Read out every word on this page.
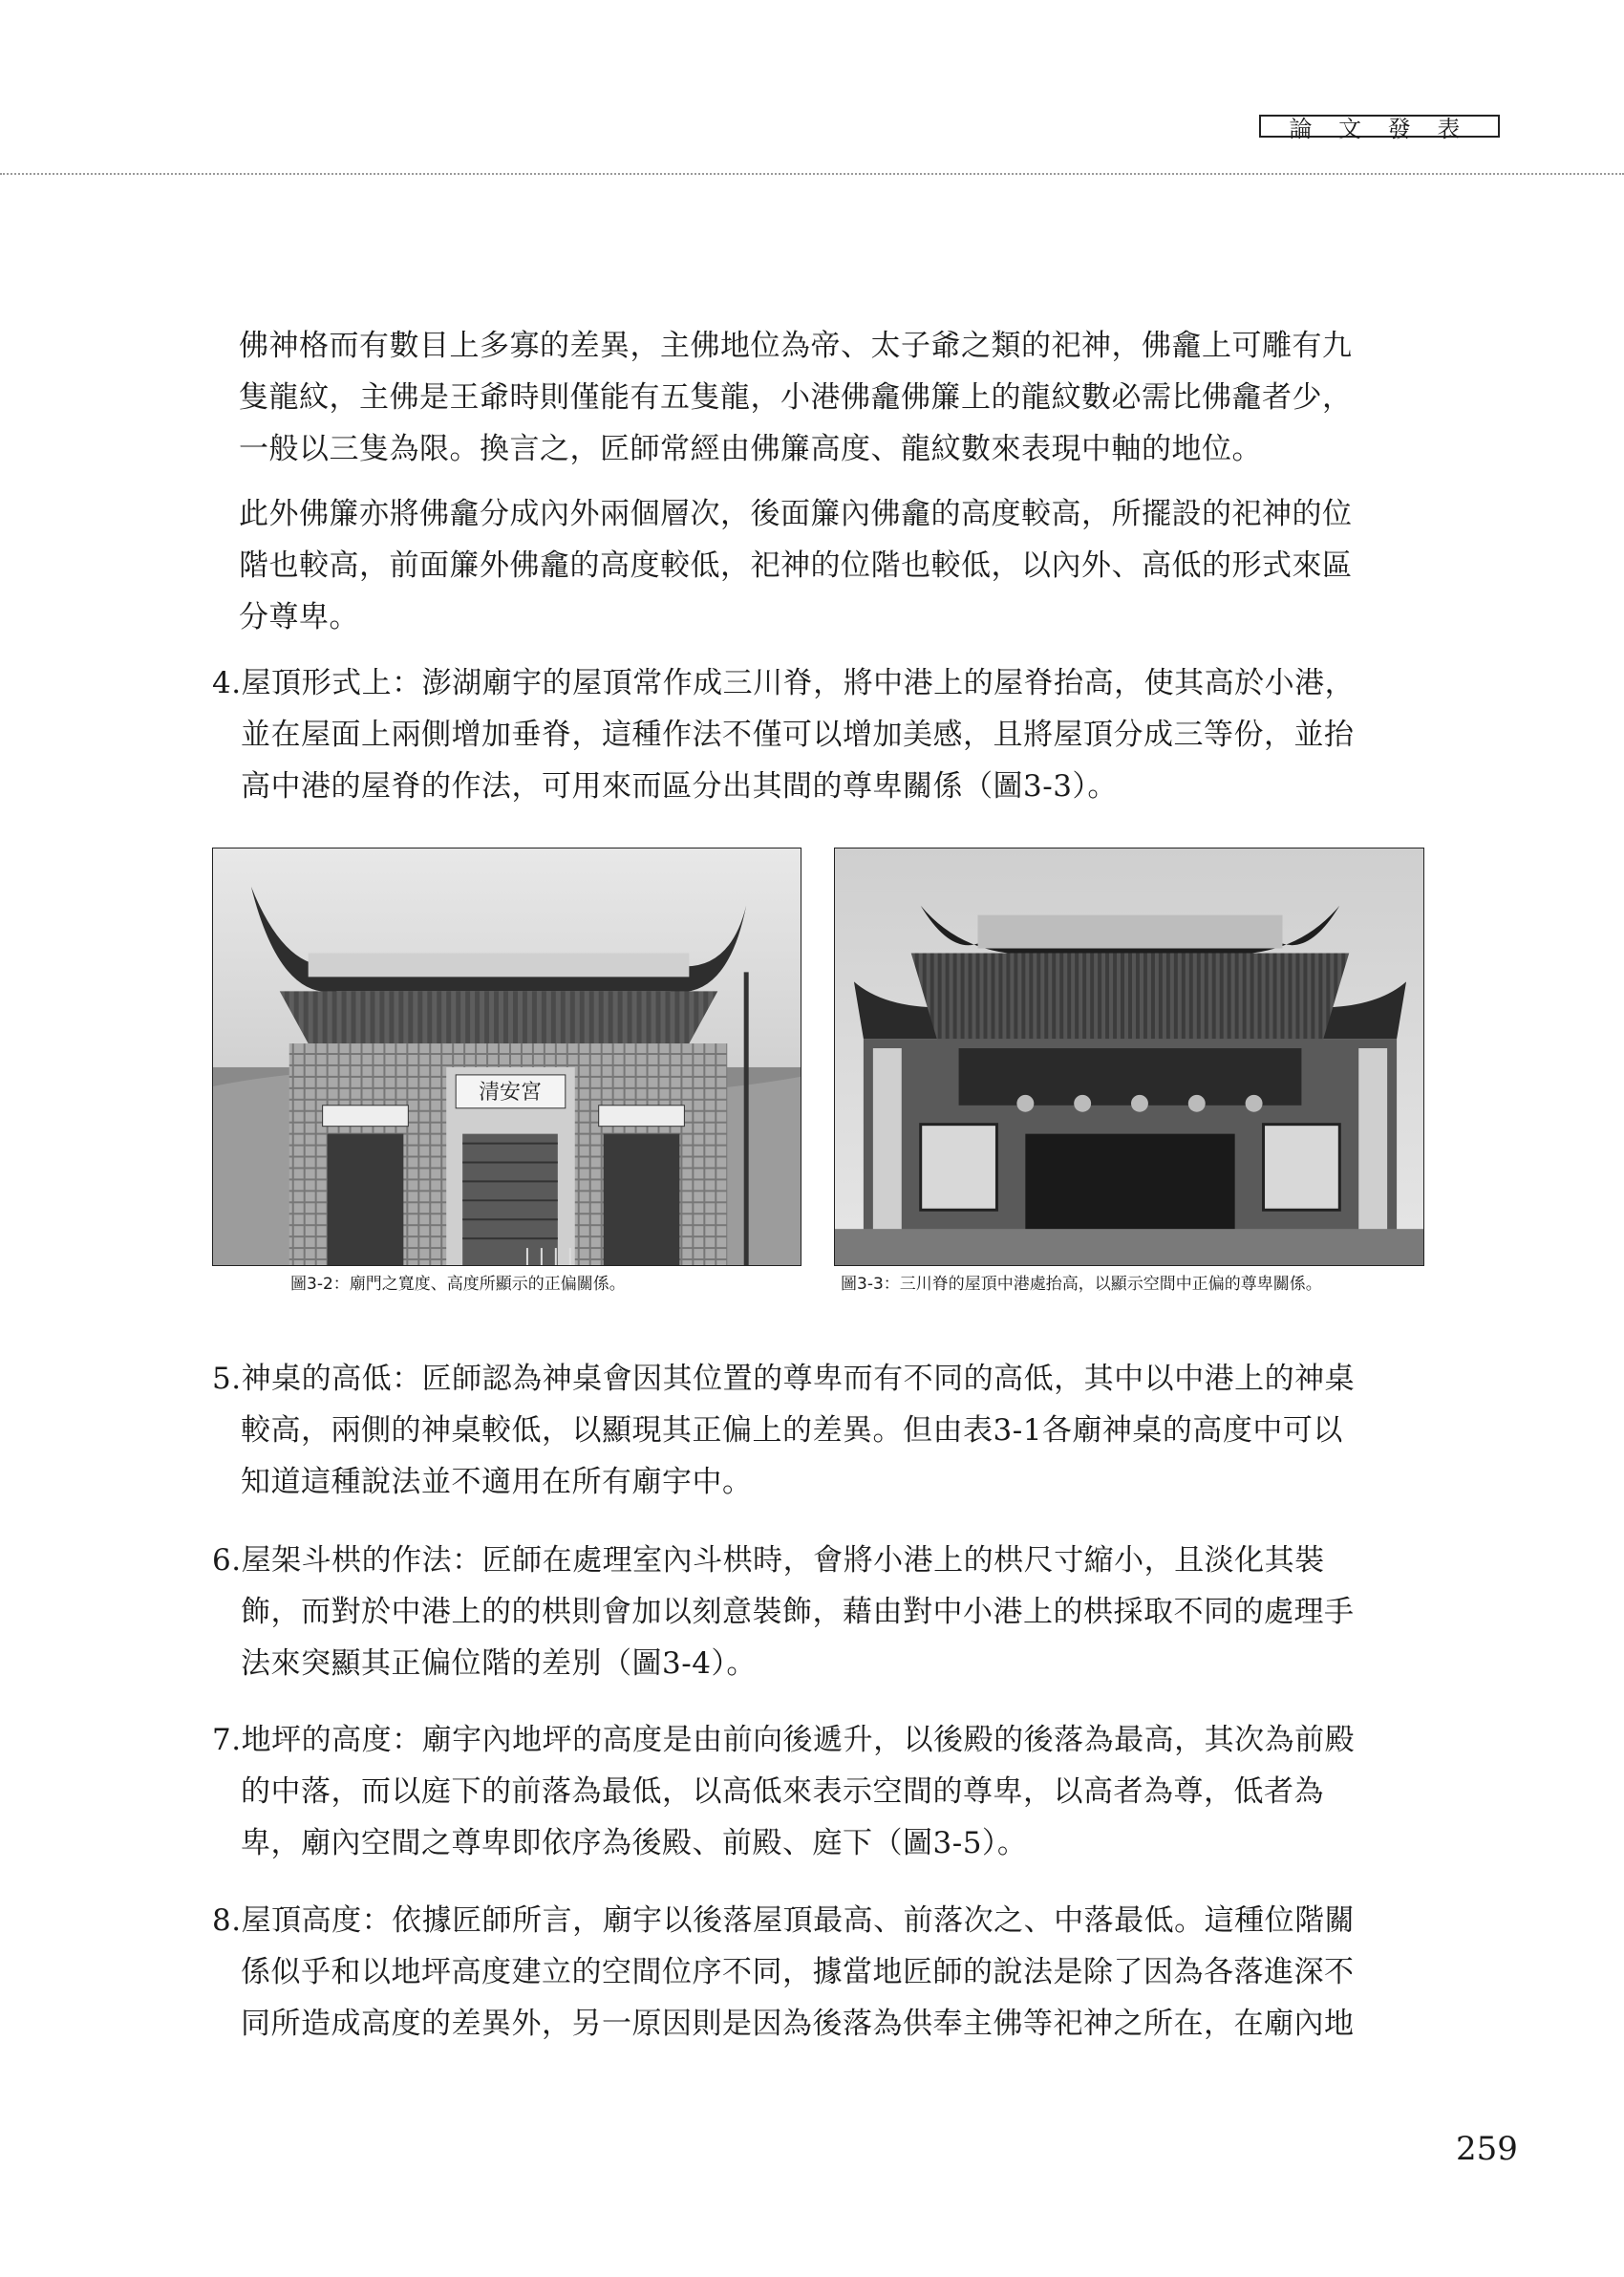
論 文 發 表

佛神格而有數目上多寡的差異，主佛地位為帝、太子爺之類的祀神，佛龕上可雕有九
隻龍紋，主佛是王爺時則僅能有五隻龍，小港佛龕佛簾上的龍紋數必需比佛龕者少，
一般以三隻為限。換言之，匠師常經由佛簾高度、龍紋數來表現中軸的地位。

此外佛簾亦將佛龕分成內外兩個層次，後面簾內佛龕的高度較高，所擺設的祀神的位
階也較高，前面簾外佛龕的高度較低，祀神的位階也較低，以內外、高低的形式來區
分尊卑。

4.屋頂形式上：澎湖廟宇的屋頂常作成三川脊，將中港上的屋脊抬高，使其高於小港，
並在屋面上兩側增加垂脊，這種作法不僅可以增加美感，且將屋頂分成三等份，並抬
高中港的屋脊的作法，可用來而區分出其間的尊卑關係（圖3-3）。

清安宮
圖3-2：廟門之寬度、高度所顯示的正偏關係。	圖3-3：三川脊的屋頂中港處抬高，以顯示空間中正偏的尊卑關係。

5.神桌的高低：匠師認為神桌會因其位置的尊卑而有不同的高低，其中以中港上的神桌
較高，兩側的神桌較低，以顯現其正偏上的差異。但由表3-1各廟神桌的高度中可以
知道這種說法並不適用在所有廟宇中。

6.屋架斗栱的作法：匠師在處理室內斗栱時，會將小港上的栱尺寸縮小，且淡化其裝
飾，而對於中港上的的栱則會加以刻意裝飾，藉由對中小港上的栱採取不同的處理手
法來突顯其正偏位階的差別（圖3-4）。

7.地坪的高度：廟宇內地坪的高度是由前向後遞升，以後殿的後落為最高，其次為前殿
的中落，而以庭下的前落為最低，以高低來表示空間的尊卑，以高者為尊，低者為
卑，廟內空間之尊卑即依序為後殿、前殿、庭下（圖3-5）。

8.屋頂高度：依據匠師所言，廟宇以後落屋頂最高、前落次之、中落最低。這種位階關
係似乎和以地坪高度建立的空間位序不同，據當地匠師的說法是除了因為各落進深不
同所造成高度的差異外，另一原因則是因為後落為供奉主佛等祀神之所在，在廟內地

259
